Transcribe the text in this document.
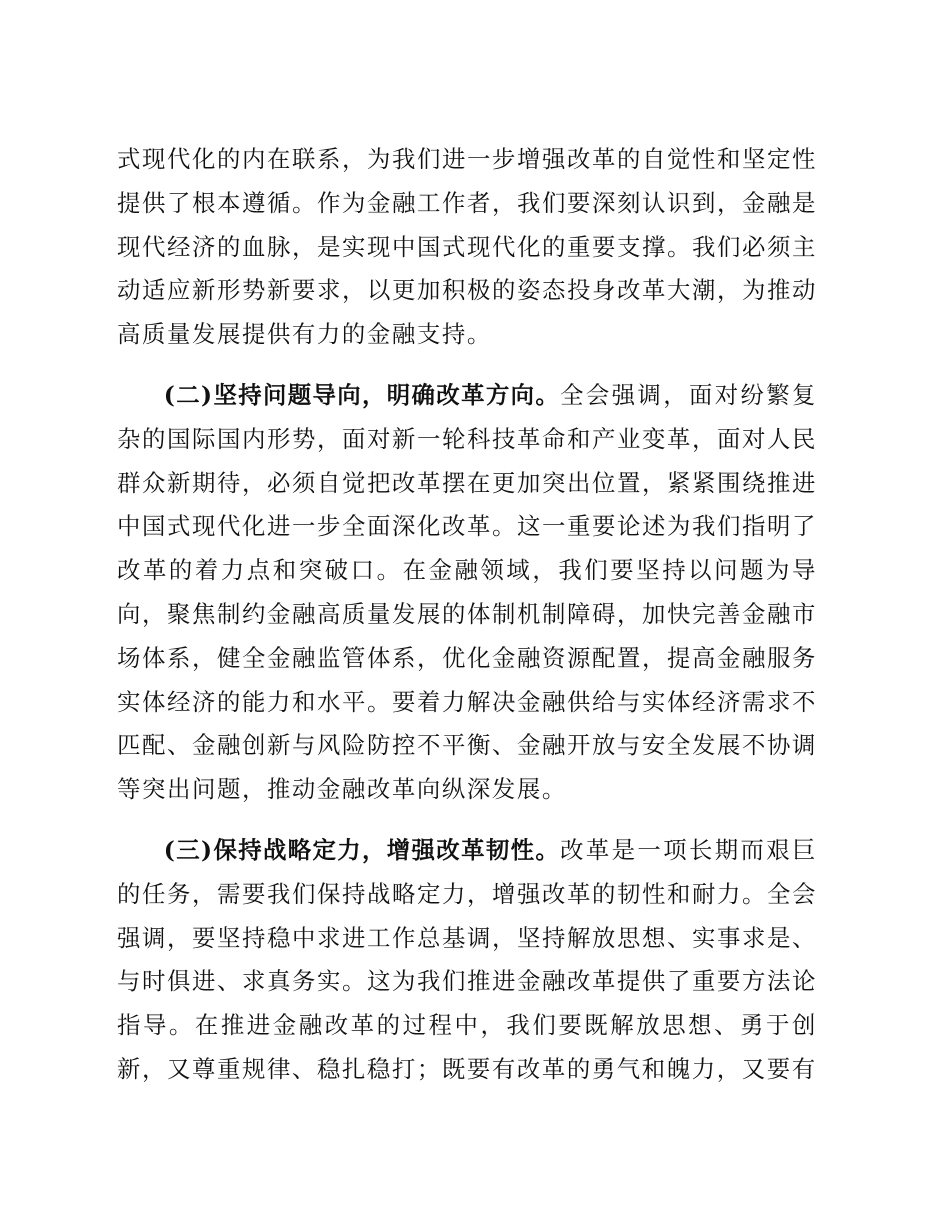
式现代化的内在联系，为我们进一步增强改革的自觉性和坚定性提供了根本遵循。作为金融工作者，我们要深刻认识到，金融是现代经济的血脉，是实现中国式现代化的重要支撑。我们必须主动适应新形势新要求，以更加积极的姿态投身改革大潮，为推动高质量发展提供有力的金融支持。

(二)坚持问题导向，明确改革方向。全会强调，面对纷繁复杂的国际国内形势，面对新一轮科技革命和产业变革，面对人民群众新期待，必须自觉把改革摆在更加突出位置，紧紧围绕推进中国式现代化进一步全面深化改革。这一重要论述为我们指明了改革的着力点和突破口。在金融领域，我们要坚持以问题为导向，聚焦制约金融高质量发展的体制机制障碍，加快完善金融市场体系，健全金融监管体系，优化金融资源配置，提高金融服务实体经济的能力和水平。要着力解决金融供给与实体经济需求不匹配、金融创新与风险防控不平衡、金融开放与安全发展不协调等突出问题，推动金融改革向纵深发展。

(三)保持战略定力，增强改革韧性。改革是一项长期而艰巨的任务，需要我们保持战略定力，增强改革的韧性和耐力。全会强调，要坚持稳中求进工作总基调，坚持解放思想、实事求是、与时俱进、求真务实。这为我们推进金融改革提供了重要方法论指导。在推进金融改革的过程中，我们要既解放思想、勇于创新，又尊重规律、稳扎稳打；既要有改革的勇气和魄力，又要有
